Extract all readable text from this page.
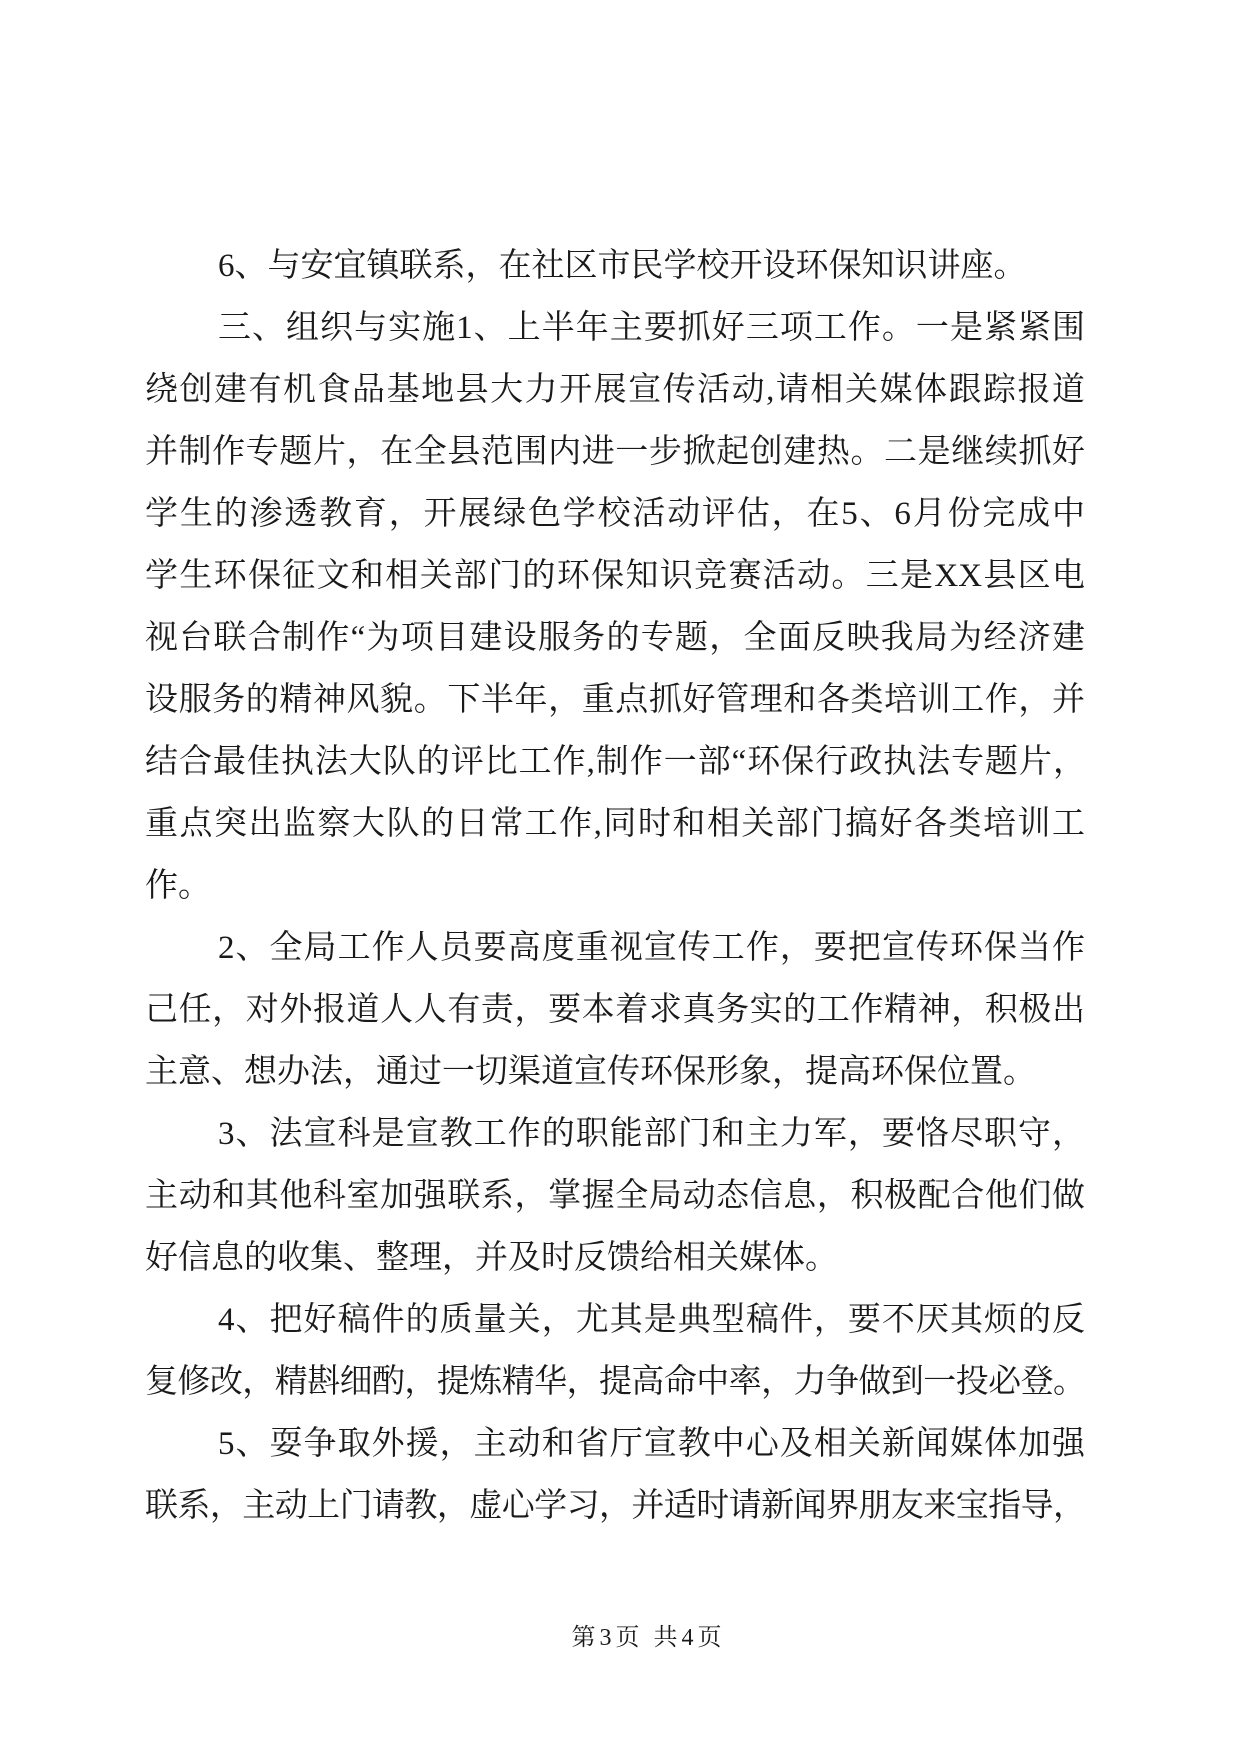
6、与安宜镇联系，在社区市民学校开设环保知识讲座。
三、组织与实施1、上半年主要抓好三项工作。一是紧紧围
绕创建有机食品基地县大力开展宣传活动,请相关媒体跟踪报道
并制作专题片，在全县范围内进一步掀起创建热。二是继续抓好
学生的渗透教育，开展绿色学校活动评估，在5、6月份完成中
学生环保征文和相关部门的环保知识竞赛活动。三是XX县区电
视台联合制作“为项目建设服务的专题，全面反映我局为经济建
设服务的精神风貌。下半年，重点抓好管理和各类培训工作，并
结合最佳执法大队的评比工作,制作一部“环保行政执法专题片，
重点突出监察大队的日常工作,同时和相关部门搞好各类培训工
作。
2、全局工作人员要高度重视宣传工作，要把宣传环保当作
己任，对外报道人人有责，要本着求真务实的工作精神，积极出
主意、想办法，通过一切渠道宣传环保形象，提高环保位置。
3、法宣科是宣教工作的职能部门和主力军，要恪尽职守，
主动和其他科室加强联系，掌握全局动态信息，积极配合他们做
好信息的收集、整理，并及时反馈给相关媒体。
4、把好稿件的质量关，尤其是典型稿件，要不厌其烦的反
复修改，精斟细酌，提炼精华，提高命中率，力争做到一投必登。
5、耍争取外援，主动和省厅宣教中心及相关新闻媒体加强
联系，主动上门请教，虚心学习，并适时请新闻界朋友来宝指导，
第3页 共4页
